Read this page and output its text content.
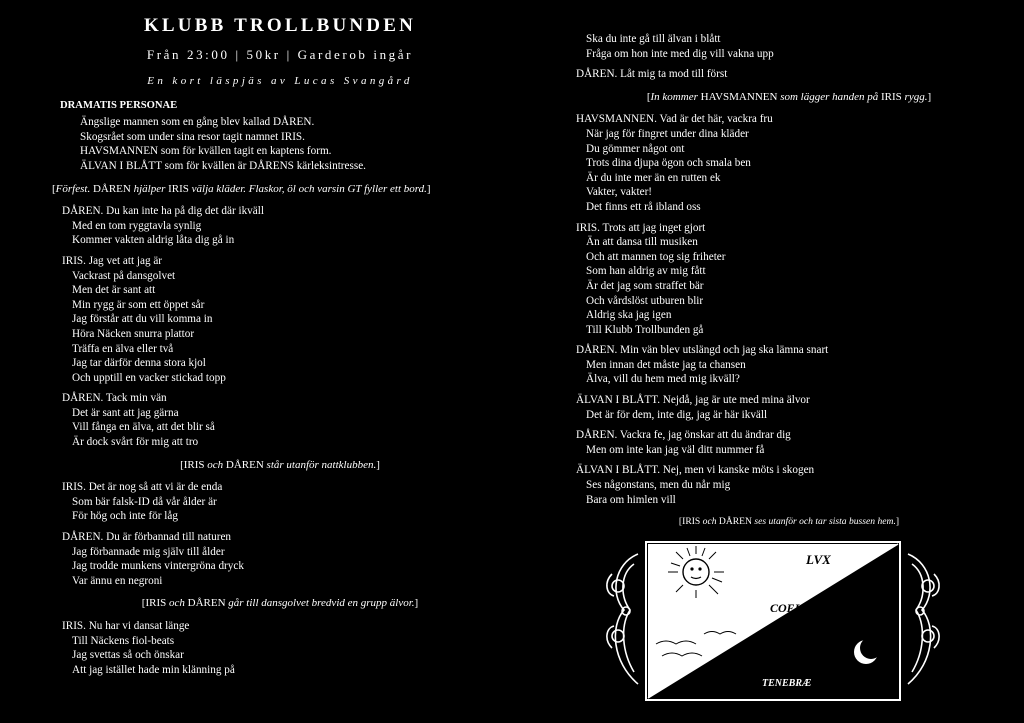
KLUBB TROLLBUNDEN
Från 23:00 | 50kr | Garderob ingår
En kort läspjäs av Lucas Svangård
DRAMATIS PERSONAE
Ängslige mannen som en gång blev kallad DÅREN.
Skogsrået som under sina resor tagit namnet IRIS.
HAVSMANNEN som för kvällen tagit en kaptens form.
ÄLVAN I BLÅTT som för kvällen är DÅRENS kärleksintresse.
[Förfest. DÅREN hjälper IRIS välja kläder. Flaskor, öl och varsin GT fyller ett bord.]
DÅREN. Du kan inte ha på dig det där ikväll
Med en tom ryggtavla synlig
Kommer vakten aldrig låta dig gå in
IRIS. Jag vet att jag är
Vackrast på dansgolvet
Men det är sant att
Min rygg är som ett öppet sår
Jag förstår att du vill komma in
Höra Näcken snurra plattor
Träffa en älva eller två
Jag tar därför denna stora kjol
Och upptill en vacker stickad topp
DÅREN. Tack min vän
Det är sant att jag gärna
Vill fånga en älva, att det blir så
Är dock svårt för mig att tro
[IRIS och DÅREN står utanför nattklubben.]
IRIS. Det är nog så att vi är de enda
Som bär falsk-ID då vår ålder är
För hög och inte för låg
DÅREN. Du är förbannad till naturen
Jag förbannade mig själv till ålder
Jag trodde munkens vintergröna dryck
Var ännu en negroni
[IRIS och DÅREN går till dansgolvet bredvid en grupp älvor.]
IRIS. Nu har vi dansat länge
Till Näckens fiol-beats
Jag svettas så och önskar
Att jag istället hade min klänning på
Ska du inte gå till älvan i blått
Fråga om hon inte med dig vill vakna upp
DÅREN. Låt mig ta mod till först
[In kommer HAVSMANNEN som lägger handen på IRIS rygg.]
HAVSMANNEN. Vad är det här, vackra fru
När jag för fingret under dina kläder
Du gömmer något ont
Trots dina djupa ögon och smala ben
Är du inte mer än en rutten ek
Vakter, vakter!
Det finns ett rå ibland oss
IRIS. Trots att jag inget gjort
Än att dansa till musiken
Och att mannen tog sig friheter
Som han aldrig av mig fått
Är det jag som straffet bär
Och vårdslöst utburen blir
Aldrig ska jag igen
Till Klubb Trollbunden gå
DÅREN. Min vän blev utslängd och jag ska lämna snart
Men innan det måste jag ta chansen
Älva, vill du hem med mig ikväll?
ÄLVAN I BLÅTT. Nejdå, jag är ute med mina älvor
Det är för dem, inte dig, jag är här ikväll
DÅREN. Vackra fe, jag önskar att du ändrar dig
Men om inte kan jag väl ditt nummer få
ÄLVAN I BLÅTT. Nej, men vi kanske möts i skogen
Ses någonstans, men du når mig
Bara om himlen vill
[IRIS och DÅREN ses utanför och tar sista bussen hem.]
LVX
COELVM
TENEBRÆ
